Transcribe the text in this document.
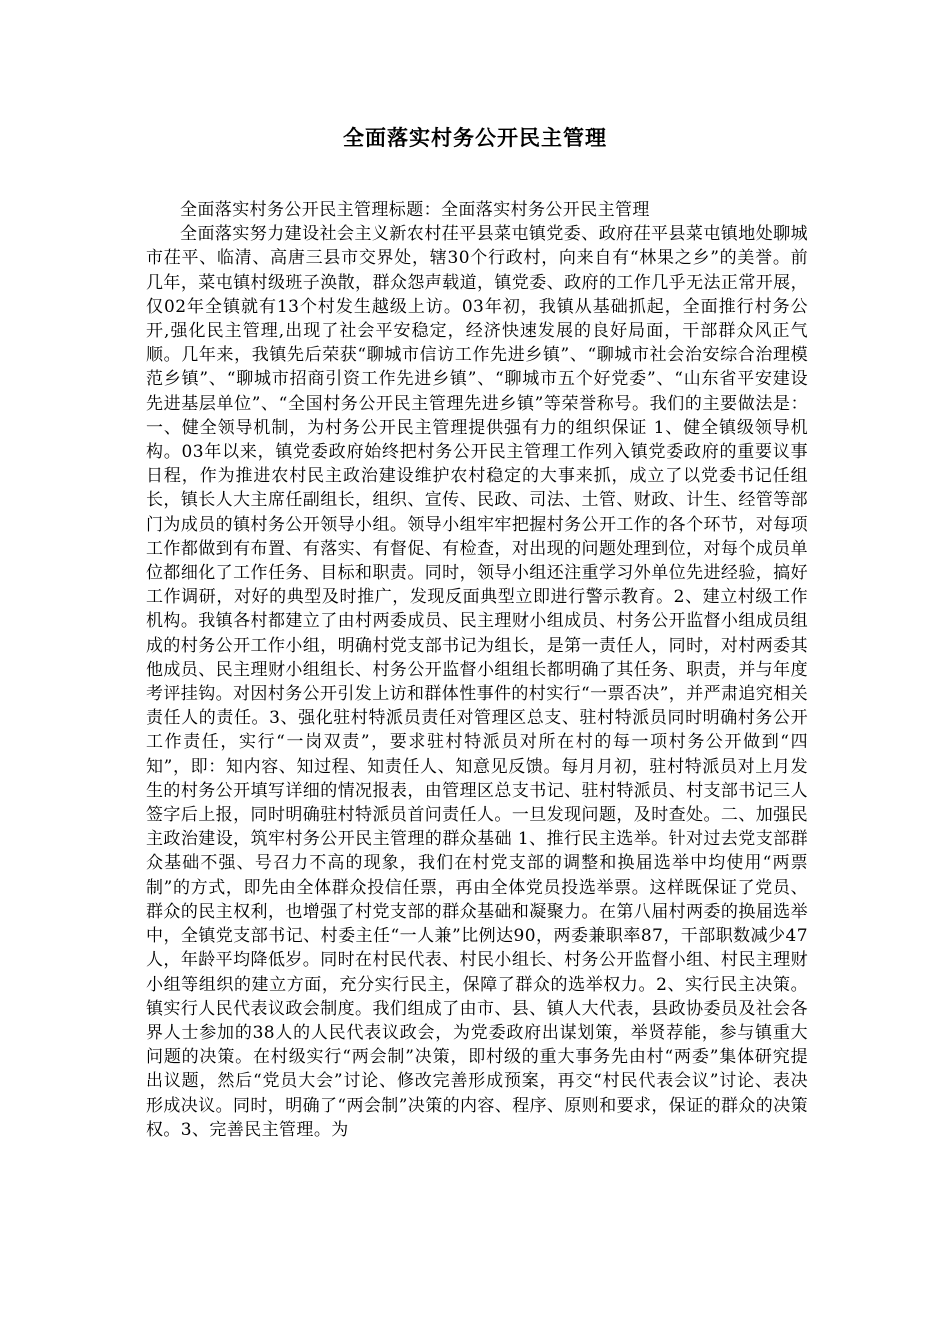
全面落实村务公开民主管理

全面落实村务公开民主管理标题：全面落实村务公开民主管理

全面落实努力建设社会主义新农村茌平县菜屯镇党委、政府茌平县菜屯镇地处聊城市茌平、临清、高唐三县市交界处，辖30个行政村，向来自有“林果之乡”的美誉。前几年，菜屯镇村级班子涣散，群众怨声载道，镇党委、政府的工作几乎无法正常开展，仅02年全镇就有13个村发生越级上访。03年初，我镇从基础抓起，全面推行村务公开,强化民主管理,出现了社会平安稳定，经济快速发展的良好局面，干部群众风正气顺。几年来，我镇先后荣获“聊城市信访工作先进乡镇”、“聊城市社会治安综合治理模范乡镇”、“聊城市招商引资工作先进乡镇”、“聊城市五个好党委”、“山东省平安建设先进基层单位”、“全国村务公开民主管理先进乡镇”等荣誉称号。我们的主要做法是：一、健全领导机制，为村务公开民主管理提供强有力的组织保证 1、健全镇级领导机构。03年以来，镇党委政府始终把村务公开民主管理工作列入镇党委政府的重要议事日程，作为推进农村民主政治建设维护农村稳定的大事来抓，成立了以党委书记任组长，镇长人大主席任副组长，组织、宣传、民政、司法、土管、财政、计生、经管等部门为成员的镇村务公开领导小组。领导小组牢牢把握村务公开工作的各个环节，对每项工作都做到有布置、有落实、有督促、有检查，对出现的问题处理到位，对每个成员单位都细化了工作任务、目标和职责。同时，领导小组还注重学习外单位先进经验，搞好工作调研，对好的典型及时推广，发现反面典型立即进行警示教育。2、建立村级工作机构。我镇各村都建立了由村两委成员、民主理财小组成员、村务公开监督小组成员组成的村务公开工作小组，明确村党支部书记为组长，是第一责任人，同时，对村两委其他成员、民主理财小组组长、村务公开监督小组组长都明确了其任务、职责，并与年度考评挂钩。对因村务公开引发上访和群体性事件的村实行“一票否决”，并严肃追究相关责任人的责任。3、强化驻村特派员责任对管理区总支、驻村特派员同时明确村务公开工作责任，实行“一岗双责”，要求驻村特派员对所在村的每一项村务公开做到“四知”，即：知内容、知过程、知责任人、知意见反馈。每月月初，驻村特派员对上月发生的村务公开填写详细的情况报表，由管理区总支书记、驻村特派员、村支部书记三人签字后上报，同时明确驻村特派员首问责任人。一旦发现问题，及时查处。二、加强民主政治建设，筑牢村务公开民主管理的群众基础 1、推行民主选举。针对过去党支部群众基础不强、号召力不高的现象，我们在村党支部的调整和换届选举中均使用“两票制”的方式，即先由全体群众投信任票，再由全体党员投选举票。这样既保证了党员、群众的民主权利，也增强了村党支部的群众基础和凝聚力。在第八届村两委的换届选举中，全镇党支部书记、村委主任“一人兼”比例达90，两委兼职率87，干部职数减少47人，年龄平均降低岁。同时在村民代表、村民小组长、村务公开监督小组、村民主理财小组等组织的建立方面，充分实行民主，保障了群众的选举权力。2、实行民主决策。镇实行人民代表议政会制度。我们组成了由市、县、镇人大代表，县政协委员及社会各界人士参加的38人的人民代表议政会，为党委政府出谋划策，举贤荐能，参与镇重大问题的决策。在村级实行“两会制”决策，即村级的重大事务先由村“两委”集体研究提出议题，然后“党员大会”讨论、修改完善形成预案，再交“村民代表会议”讨论、表决形成决议。同时，明确了“两会制”决策的内容、程序、原则和要求，保证的群众的决策权。3、完善民主管理。为
